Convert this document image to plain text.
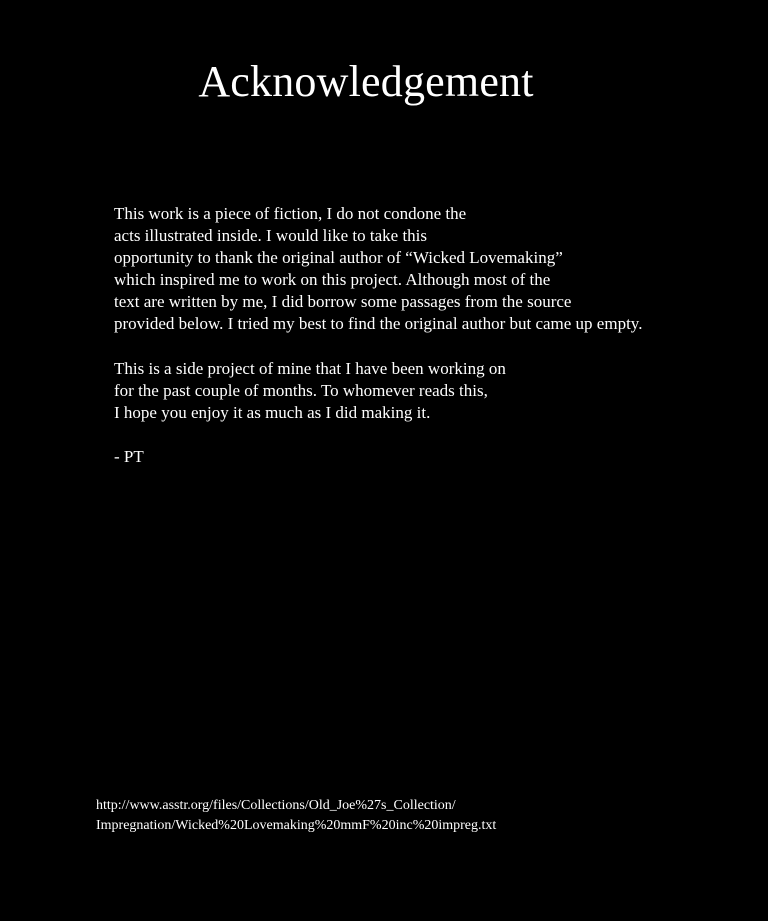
Acknowledgement

This work is a piece of fiction, I do not condone the
acts illustrated inside. I would like to take this
opportunity to thank the original author of “Wicked Lovemaking”
which inspired me to work on this project. Although most of the
text are written by me, I did borrow some passages from the source
provided below. I tried my best to find the original author but came up empty.

This is a side project of mine that I have been working on
for the past couple of months. To whomever reads this,
I hope you enjoy it as much as I did making it.

- PT
http://www.asstr.org/files/Collections/Old_Joe%27s_Collection/
Impregnation/Wicked%20Lovemaking%20mmF%20inc%20impreg.txt
